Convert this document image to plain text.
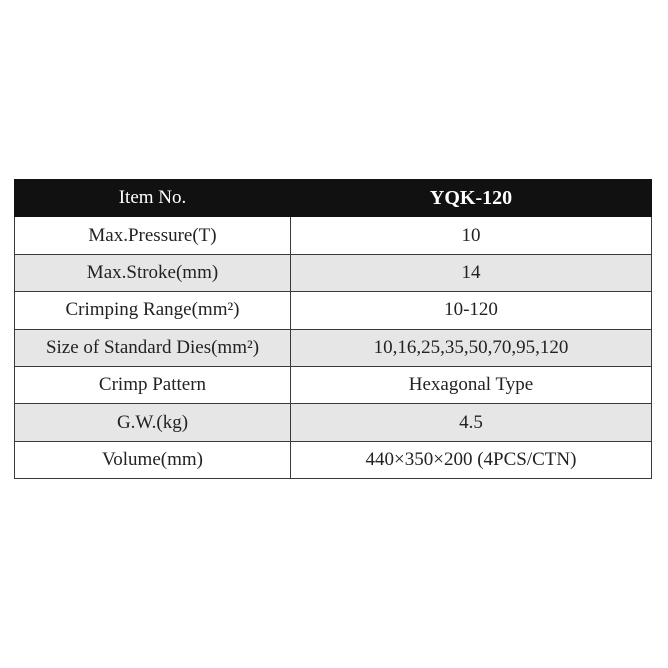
Item No.	YQK-120
Max.Pressure(T)	10
Max.Stroke(mm)	14
Crimping Range(mm²)	10-120
Size of Standard Dies(mm²)	10,16,25,35,50,70,95,120
Crimp Pattern	Hexagonal Type
G.W.(kg)	4.5
Volume(mm)	440×350×200 (4PCS/CTN)
